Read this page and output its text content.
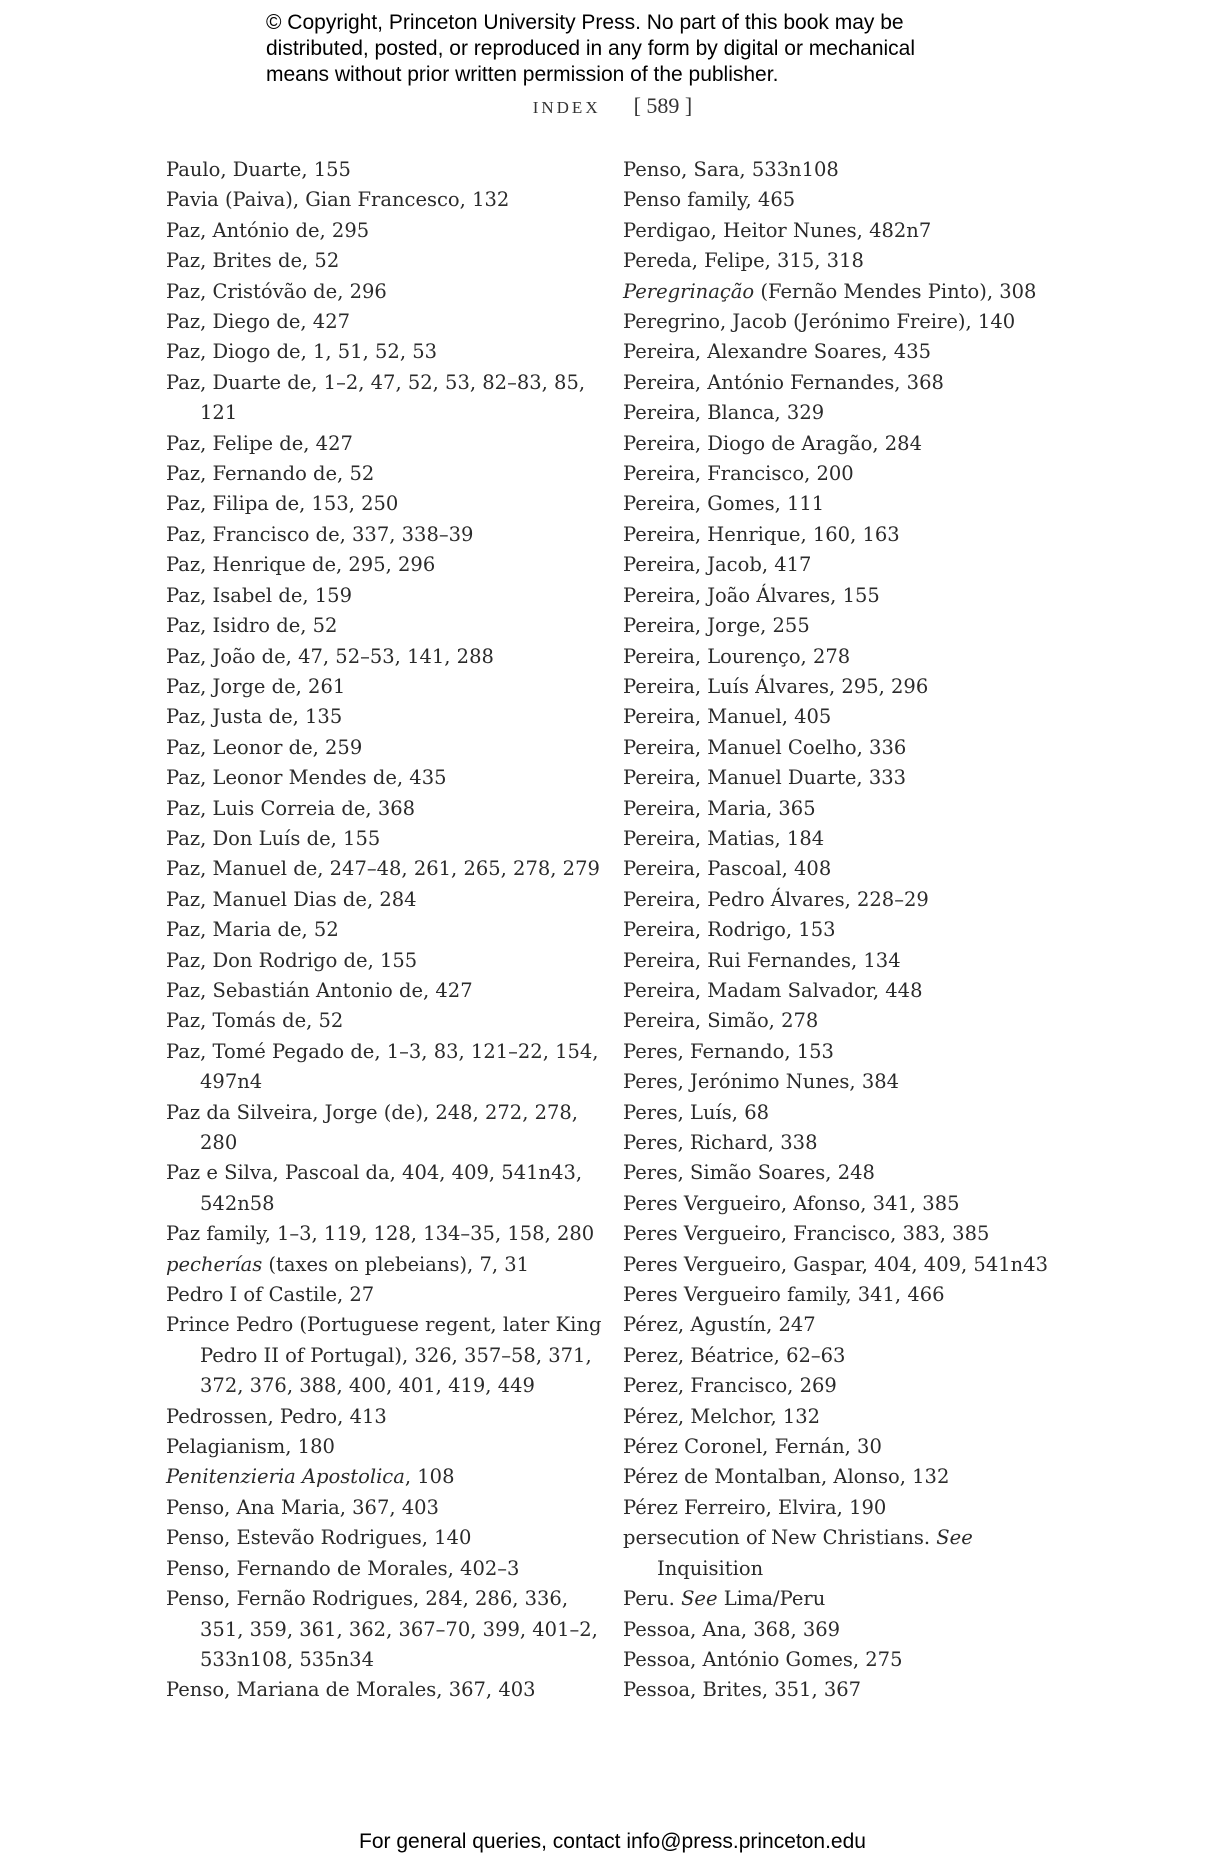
© Copyright, Princeton University Press. No part of this book may be

distributed, posted, or reproduced in any form by digital or mechanical

means without prior written permission of the publisher.

INDEX [ 589 ]
Paulo, Duarte, 155
Pavia (Paiva), Gian Francesco, 132
Paz, António de, 295
Paz, Brites de, 52
Paz, Cristóvão de, 296
Paz, Diego de, 427
Paz, Diogo de, 1, 51, 52, 53
Paz, Duarte de, 1–2, 47, 52, 53, 82–83, 85, 121
Paz, Felipe de, 427
Paz, Fernando de, 52
Paz, Filipa de, 153, 250
Paz, Francisco de, 337, 338–39
Paz, Henrique de, 295, 296
Paz, Isabel de, 159
Paz, Isidro de, 52
Paz, João de, 47, 52–53, 141, 288
Paz, Jorge de, 261
Paz, Justa de, 135
Paz, Leonor de, 259
Paz, Leonor Mendes de, 435
Paz, Luis Correia de, 368
Paz, Don Luís de, 155
Paz, Manuel de, 247–48, 261, 265, 278, 279
Paz, Manuel Dias de, 284
Paz, Maria de, 52
Paz, Don Rodrigo de, 155
Paz, Sebastián Antonio de, 427
Paz, Tomás de, 52
Paz, Tomé Pegado de, 1–3, 83, 121–22, 154, 497n4
Paz da Silveira, Jorge (de), 248, 272, 278, 280
Paz e Silva, Pascoal da, 404, 409, 541n43, 542n58
Paz family, 1–3, 119, 128, 134–35, 158, 280
pecherías (taxes on plebeians), 7, 31
Pedro I of Castile, 27
Prince Pedro (Portuguese regent, later King Pedro II of Portugal), 326, 357–58, 371, 372, 376, 388, 400, 401, 419, 449
Pedrossen, Pedro, 413
Pelagianism, 180
Penitenzieria Apostolica, 108
Penso, Ana Maria, 367, 403
Penso, Estevão Rodrigues, 140
Penso, Fernando de Morales, 402–3
Penso, Fernão Rodrigues, 284, 286, 336, 351, 359, 361, 362, 367–70, 399, 401–2, 533n108, 535n34
Penso, Mariana de Morales, 367, 403
Penso, Sara, 533n108
Penso family, 465
Perdigao, Heitor Nunes, 482n7
Pereda, Felipe, 315, 318
Peregrinação (Fernão Mendes Pinto), 308
Peregrino, Jacob (Jerónimo Freire), 140
Pereira, Alexandre Soares, 435
Pereira, António Fernandes, 368
Pereira, Blanca, 329
Pereira, Diogo de Aragão, 284
Pereira, Francisco, 200
Pereira, Gomes, 111
Pereira, Henrique, 160, 163
Pereira, Jacob, 417
Pereira, João Álvares, 155
Pereira, Jorge, 255
Pereira, Lourenço, 278
Pereira, Luís Álvares, 295, 296
Pereira, Manuel, 405
Pereira, Manuel Coelho, 336
Pereira, Manuel Duarte, 333
Pereira, Maria, 365
Pereira, Matias, 184
Pereira, Pascoal, 408
Pereira, Pedro Álvares, 228–29
Pereira, Rodrigo, 153
Pereira, Rui Fernandes, 134
Pereira, Madam Salvador, 448
Pereira, Simão, 278
Peres, Fernando, 153
Peres, Jerónimo Nunes, 384
Peres, Luís, 68
Peres, Richard, 338
Peres, Simão Soares, 248
Peres Vergueiro, Afonso, 341, 385
Peres Vergueiro, Francisco, 383, 385
Peres Vergueiro, Gaspar, 404, 409, 541n43
Peres Vergueiro family, 341, 466
Pérez, Agustín, 247
Perez, Béatrice, 62–63
Perez, Francisco, 269
Pérez, Melchor, 132
Pérez Coronel, Fernán, 30
Pérez de Montalban, Alonso, 132
Pérez Ferreiro, Elvira, 190
persecution of New Christians. See Inquisition
Peru. See Lima/Peru
Pessoa, Ana, 368, 369
Pessoa, António Gomes, 275
Pessoa, Brites, 351, 367
For general queries, contact info@press.princeton.edu
